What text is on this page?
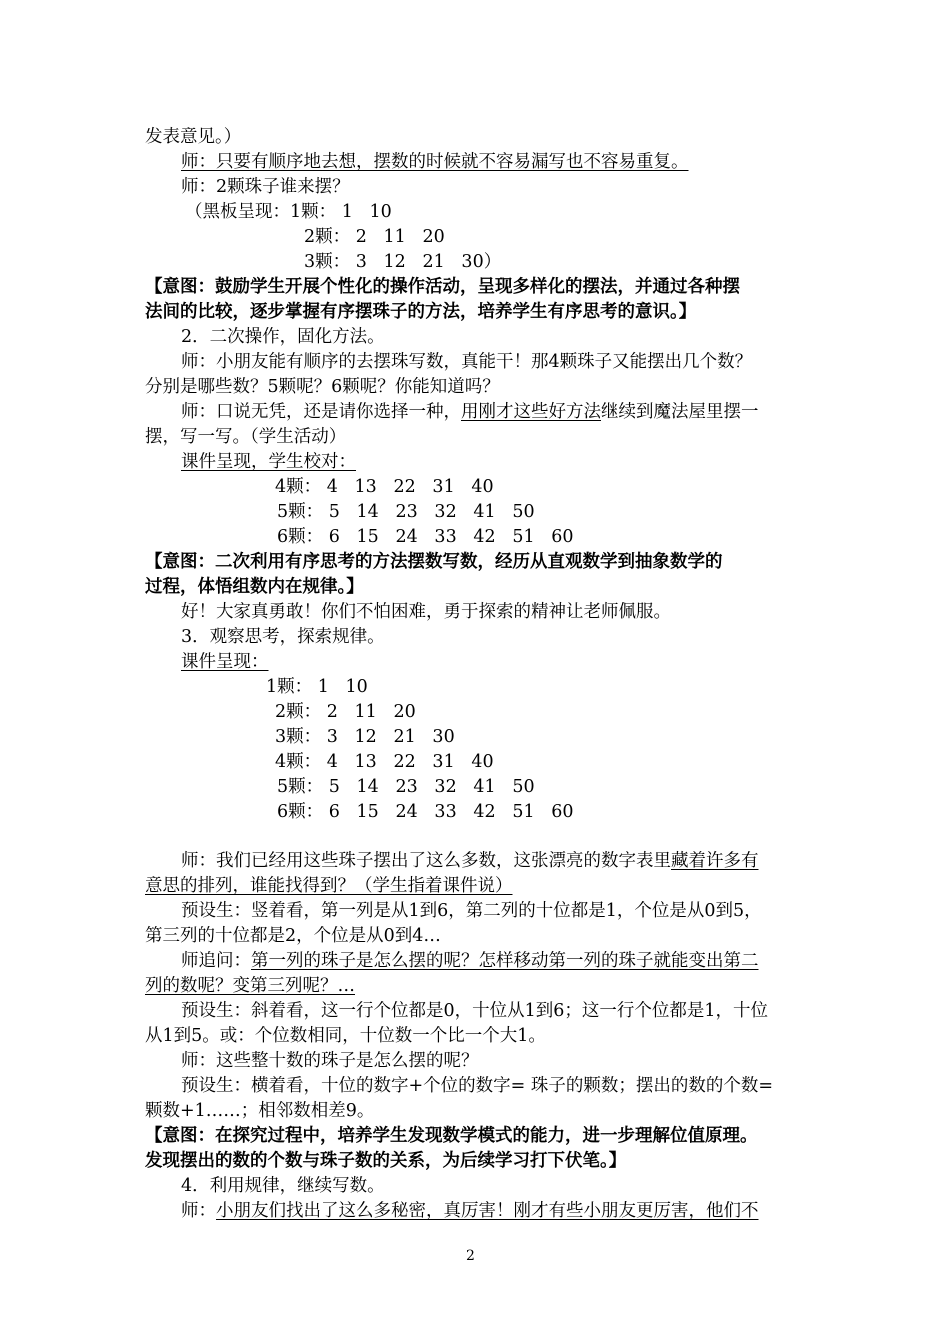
发表意见。）
师：只要有顺序地去想，摆数的时候就不容易漏写也不容易重复。
师：2颗珠子谁来摆？
（黑板呈现：1颗： 1   10
2颗： 2   11   20
3颗： 3   12   21   30）
【意图：鼓励学生开展个性化的操作活动，呈现多样化的摆法，并通过各种摆
法间的比较，逐步掌握有序摆珠子的方法，培养学生有序思考的意识。】
2．二次操作，固化方法。
师：小朋友能有顺序的去摆珠写数，真能干！那4颗珠子又能摆出几个数？
分别是哪些数？5颗呢？6颗呢？你能知道吗？
师：口说无凭，还是请你选择一种，用刚才这些好方法继续到魔法屋里摆一
摆，写一写。（学生活动）
课件呈现，学生校对：
4颗： 4   13   22   31   40
5颗： 5   14   23   32   41   50
6颗： 6   15   24   33   42   51   60
【意图：二次利用有序思考的方法摆数写数，经历从直观数学到抽象数学的
过程，体悟组数内在规律。】
好！大家真勇敢！你们不怕困难，勇于探索的精神让老师佩服。
3．观察思考，探索规律。
课件呈现：
1颗： 1   10
2颗： 2   11   20
3颗： 3   12   21   30
4颗： 4   13   22   31   40
5颗： 5   14   23   32   41   50
6颗： 6   15   24   33   42   51   60
师：我们已经用这些珠子摆出了这么多数，这张漂亮的数字表里藏着许多有
意思的排列，谁能找得到？（学生指着课件说）
预设生：竖着看，第一列是从1到6，第二列的十位都是1，个位是从0到5，
第三列的十位都是2，个位是从0到4…
师追问：第一列的珠子是怎么摆的呢？怎样移动第一列的珠子就能变出第二
列的数呢？变第三列呢？…
预设生：斜着看，这一行个位都是0，十位从1到6；这一行个位都是1，十位
从1到5。或：个位数相同，十位数一个比一个大1。
师：这些整十数的珠子是怎么摆的呢？
预设生：横着看，十位的数字+个位的数字= 珠子的颗数；摆出的数的个数=
颗数+1……；相邻数相差9。
【意图：在探究过程中，培养学生发现数学模式的能力，进一步理解位值原理。
发现摆出的数的个数与珠子数的关系，为后续学习打下伏笔。】
4．利用规律，继续写数。
师：小朋友们找出了这么多秘密，真厉害！刚才有些小朋友更厉害，他们不
2
